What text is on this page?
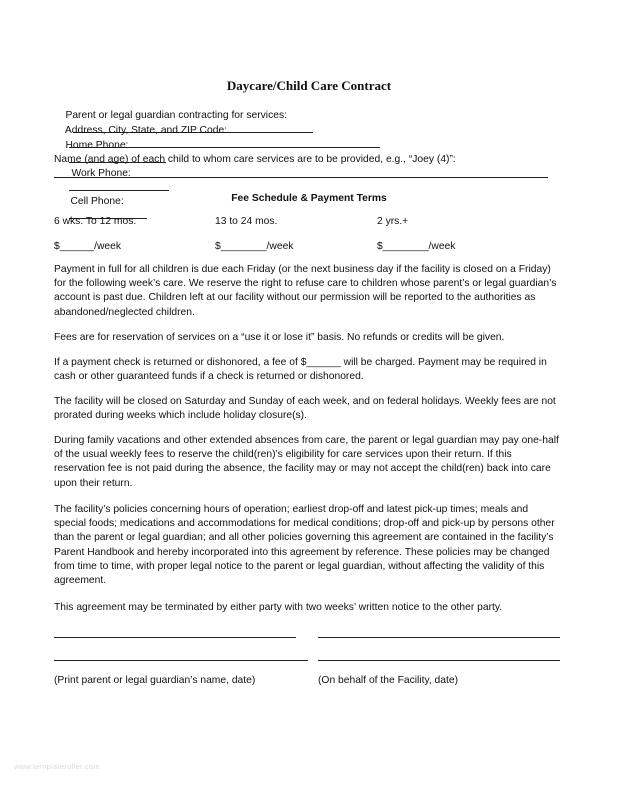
Daycare/Child Care Contract

Parent or legal guardian contracting for services:

Address, City, State, and ZIP Code:

Home Phone:

Work Phone:

Cell Phone:

Name (and age) of each child to whom care services are to be provided, e.g., “Joey (4)”:
Fee Schedule & Payment Terms
6 wks. To 12 mos.	13 to 24 mos.	2 yrs.+
$______/week	$________/week	$________/week
Payment in full for all children is due each Friday (or the next business day if the facility is closed on a Friday) for the following week’s care. We reserve the right to refuse care to children whose parent’s or legal guardian’s account is past due. Children left at our facility without our permission will be reported to the authorities as abandoned/neglected children.
Fees are for reservation of services on a “use it or lose it” basis. No refunds or credits will be given.
If a payment check is returned or dishonored, a fee of $______ will be charged. Payment may be required in cash or other guaranteed funds if a check is returned or dishonored.
The facility will be closed on Saturday and Sunday of each week, and on federal holidays. Weekly fees are not prorated during weeks which include holiday closure(s).
During family vacations and other extended absences from care, the parent or legal guardian may pay one-half of the usual weekly fees to reserve the child(ren)’s eligibility for care services upon their return. If this reservation fee is not paid during the absence, the facility may or may not accept the child(ren) back into care upon their return.
The facility’s policies concerning hours of operation; earliest drop-off and latest pick-up times; meals and special foods; medications and accommodations for medical conditions; drop-off and pick-up by persons other than the parent or legal guardian; and all other policies governing this agreement are contained in the facility’s Parent Handbook and hereby incorporated into this agreement by reference. These policies may be changed from time to time, with proper legal notice to the parent or legal guardian, without affecting the validity of this agreement.
This agreement may be terminated by either party with two weeks’ written notice to the other party.
(Print parent or legal guardian’s name, date)	(On behalf of the Facility, date)
www.templateroller.com
